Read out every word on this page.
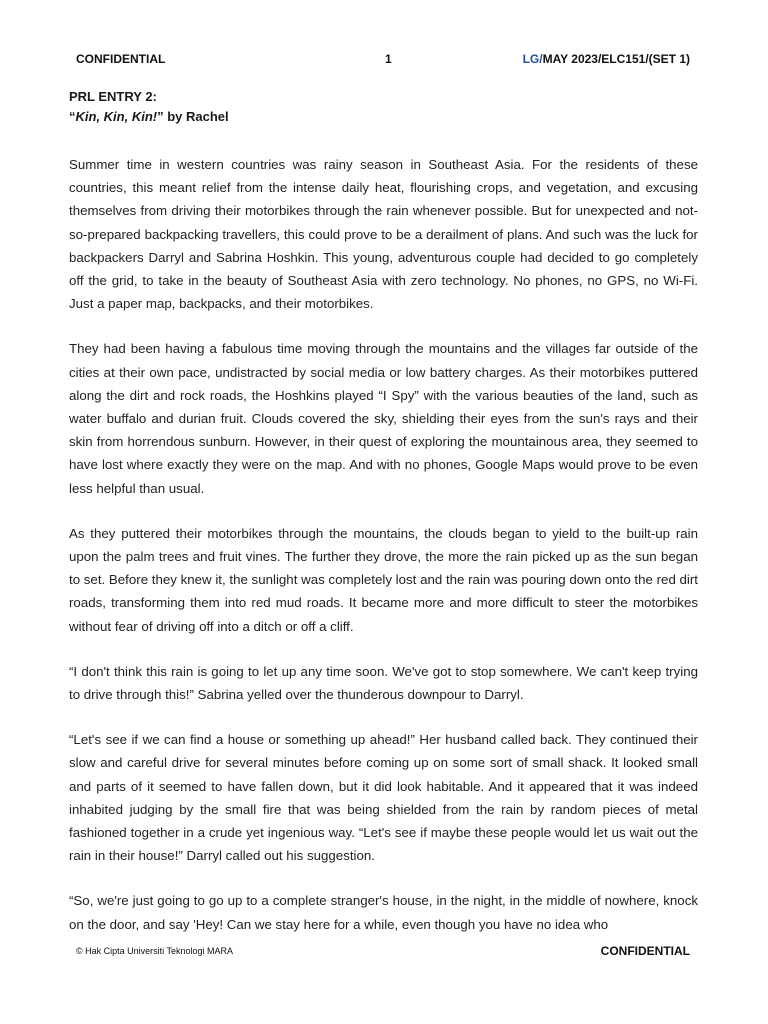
CONFIDENTIAL	1	LG/MAY 2023/ELC151/(SET 1)
PRL ENTRY 2:
“Kin, Kin, Kin!” by Rachel

Summer time in western countries was rainy season in Southeast Asia. For the residents of these countries, this meant relief from the intense daily heat, flourishing crops, and vegetation, and excusing themselves from driving their motorbikes through the rain whenever possible. But for unexpected and not-so-prepared backpacking travellers, this could prove to be a derailment of plans. And such was the luck for backpackers Darryl and Sabrina Hoshkin. This young, adventurous couple had decided to go completely off the grid, to take in the beauty of Southeast Asia with zero technology. No phones, no GPS, no Wi-Fi. Just a paper map, backpacks, and their motorbikes.

They had been having a fabulous time moving through the mountains and the villages far outside of the cities at their own pace, undistracted by social media or low battery charges. As their motorbikes puttered along the dirt and rock roads, the Hoshkins played “I Spy” with the various beauties of the land, such as water buffalo and durian fruit. Clouds covered the sky, shielding their eyes from the sun's rays and their skin from horrendous sunburn. However, in their quest of exploring the mountainous area, they seemed to have lost where exactly they were on the map. And with no phones, Google Maps would prove to be even less helpful than usual.

As they puttered their motorbikes through the mountains, the clouds began to yield to the built-up rain upon the palm trees and fruit vines. The further they drove, the more the rain picked up as the sun began to set. Before they knew it, the sunlight was completely lost and the rain was pouring down onto the red dirt roads, transforming them into red mud roads. It became more and more difficult to steer the motorbikes without fear of driving off into a ditch or off a cliff.

“I don't think this rain is going to let up any time soon. We've got to stop somewhere. We can't keep trying to drive through this!” Sabrina yelled over the thunderous downpour to Darryl.

“Let's see if we can find a house or something up ahead!” Her husband called back. They continued their slow and careful drive for several minutes before coming up on some sort of small shack. It looked small and parts of it seemed to have fallen down, but it did look habitable. And it appeared that it was indeed inhabited judging by the small fire that was being shielded from the rain by random pieces of metal fashioned together in a crude yet ingenious way. “Let's see if maybe these people would let us wait out the rain in their house!” Darryl called out his suggestion.

“So, we're just going to go up to a complete stranger's house, in the night, in the middle of nowhere, knock on the door, and say 'Hey! Can we stay here for a while, even though you have no idea who

© Hak Cipta Universiti Teknologi MARA	CONFIDENTIAL
